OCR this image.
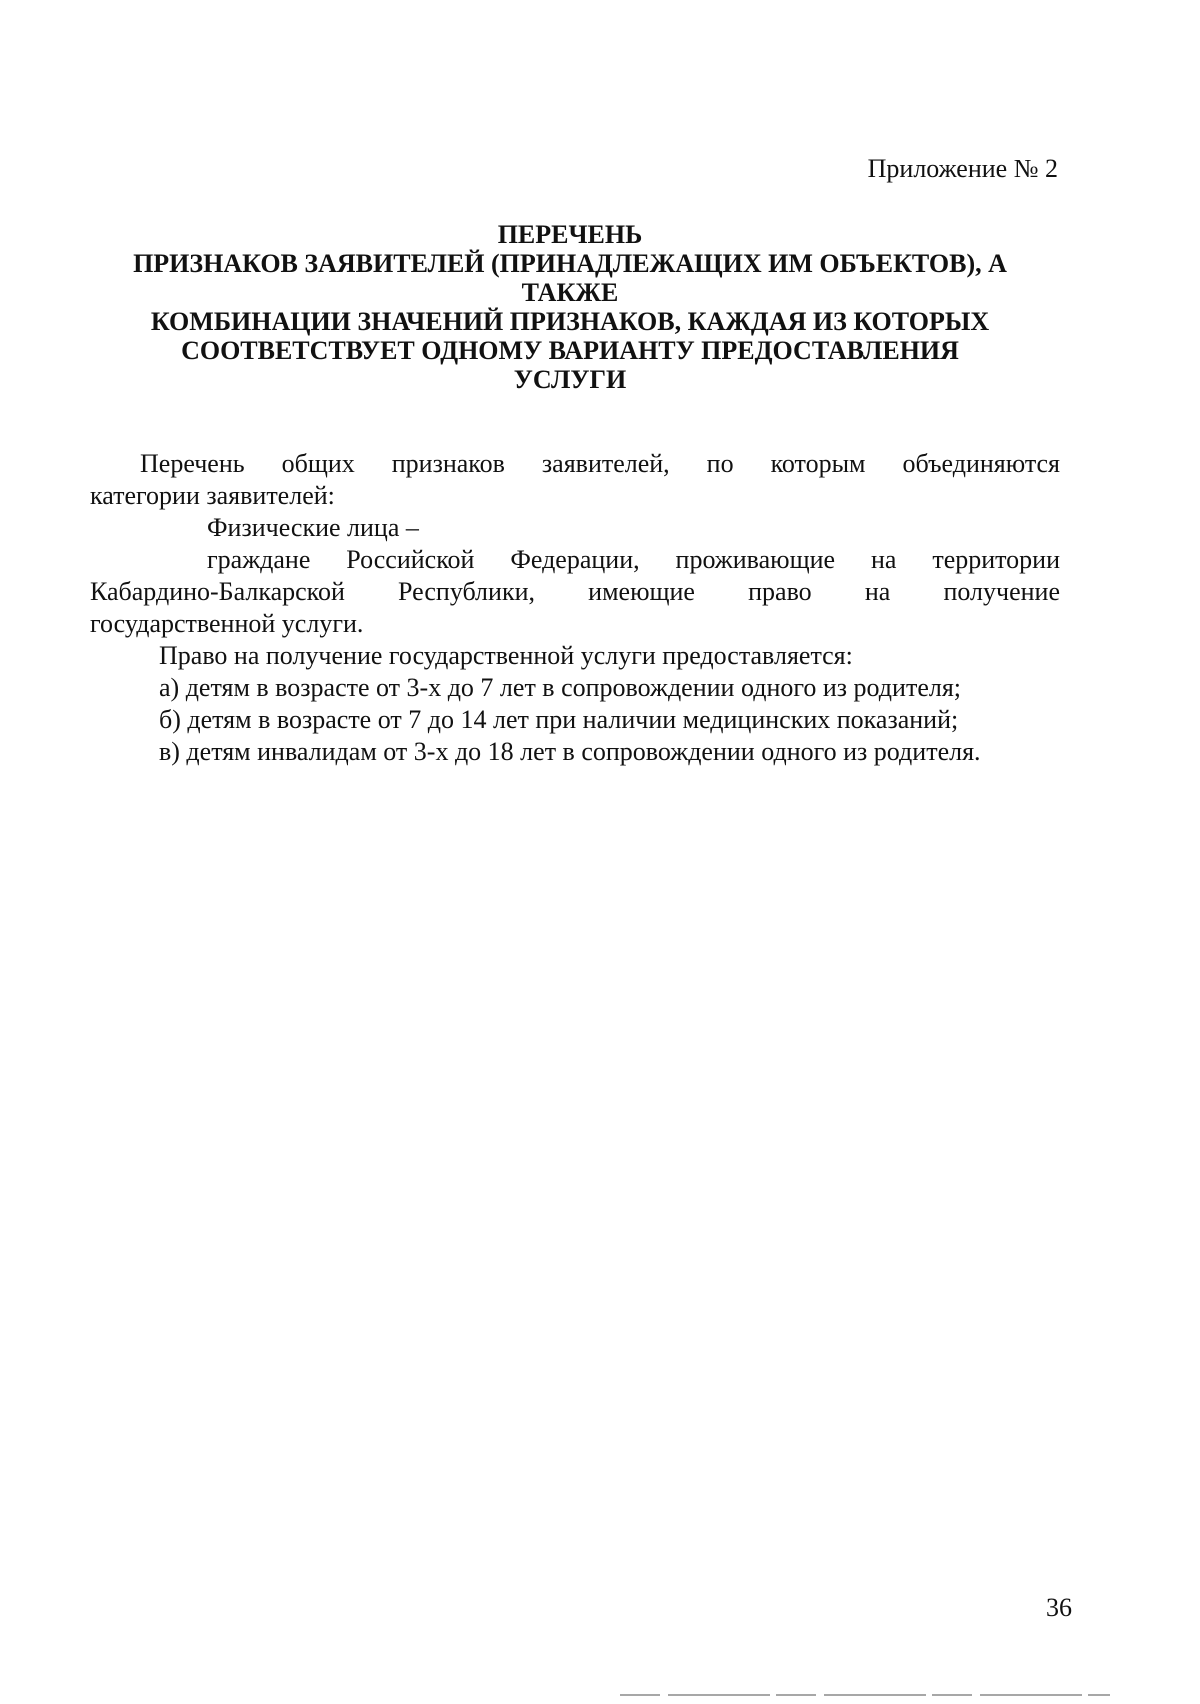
Приложение № 2
ПЕРЕЧЕНЬ
ПРИЗНАКОВ ЗАЯВИТЕЛЕЙ (ПРИНАДЛЕЖАЩИХ ИМ ОБЪЕКТОВ), А
ТАКЖЕ
КОМБИНАЦИИ ЗНАЧЕНИЙ ПРИЗНАКОВ, КАЖДАЯ ИЗ КОТОРЫХ
СООТВЕТСТВУЕТ ОДНОМУ ВАРИАНТУ ПРЕДОСТАВЛЕНИЯ
УСЛУГИ
Перечень общих признаков заявителей, по которым объединяются
категории заявителей:
Физические лица –
граждане Российской Федерации, проживающие на территории
Кабардино-Балкарской Республики, имеющие право на получение
государственной услуги.
Право на получение государственной услуги предоставляется:
а) детям в возрасте от 3-х до 7 лет в сопровождении одного из родителя;
б) детям в возрасте от 7 до 14 лет при наличии медицинских показаний;
в) детям инвалидам от 3-х до 18 лет в сопровождении одного из родителя.
36
